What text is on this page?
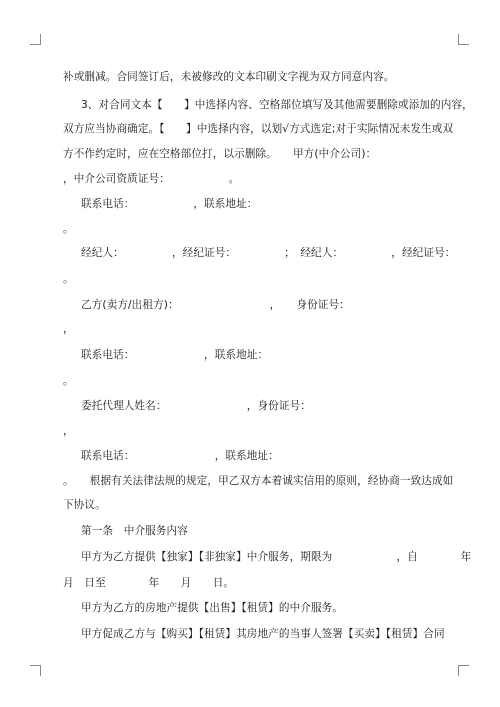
补或删减。合同签订后，未被修改的文本印刷文字视为双方同意内容。
3、对合同文本【　　】中选择内容、空格部位填写及其他需要删除或添加的内容，
双方应当协商确定。【　　】中选择内容，以划√方式选定;对于实际情况未发生或双
方不作约定时，应在空格部位打，以示删除。　　甲方(中介公司)：
，中介公司资质证号：　　　　　　。
联系电话：　　　　　　，联系地址：
。
经纪人：　　　　　，经纪证号：　　　　　；　经纪人：　　　　　，经纪证号：
。
乙方(卖方/出租方)：　　　　　　　　　，　　身份证号：
，
联系电话：　　　　　　　，联系地址：
。
委托代理人姓名：　　　　　　　　，身份证号：
，
联系电话：　　　　　　　　，联系地址：
。　　根据有关法律法规的规定，甲乙双方本着诚实信用的原则，经协商一致达成如
下协议。
第一条　中介服务内容
甲方为乙方提供【独家】【非独家】中介服务，期限为　　　　　　，自　　　　年
月　日至　　　　年　　月　　日。
甲方为乙方的房地产提供【出售】【租赁】的中介服务。
甲方促成乙方与【购买】【租赁】其房地产的当事人签署【买卖】【租赁】合同
